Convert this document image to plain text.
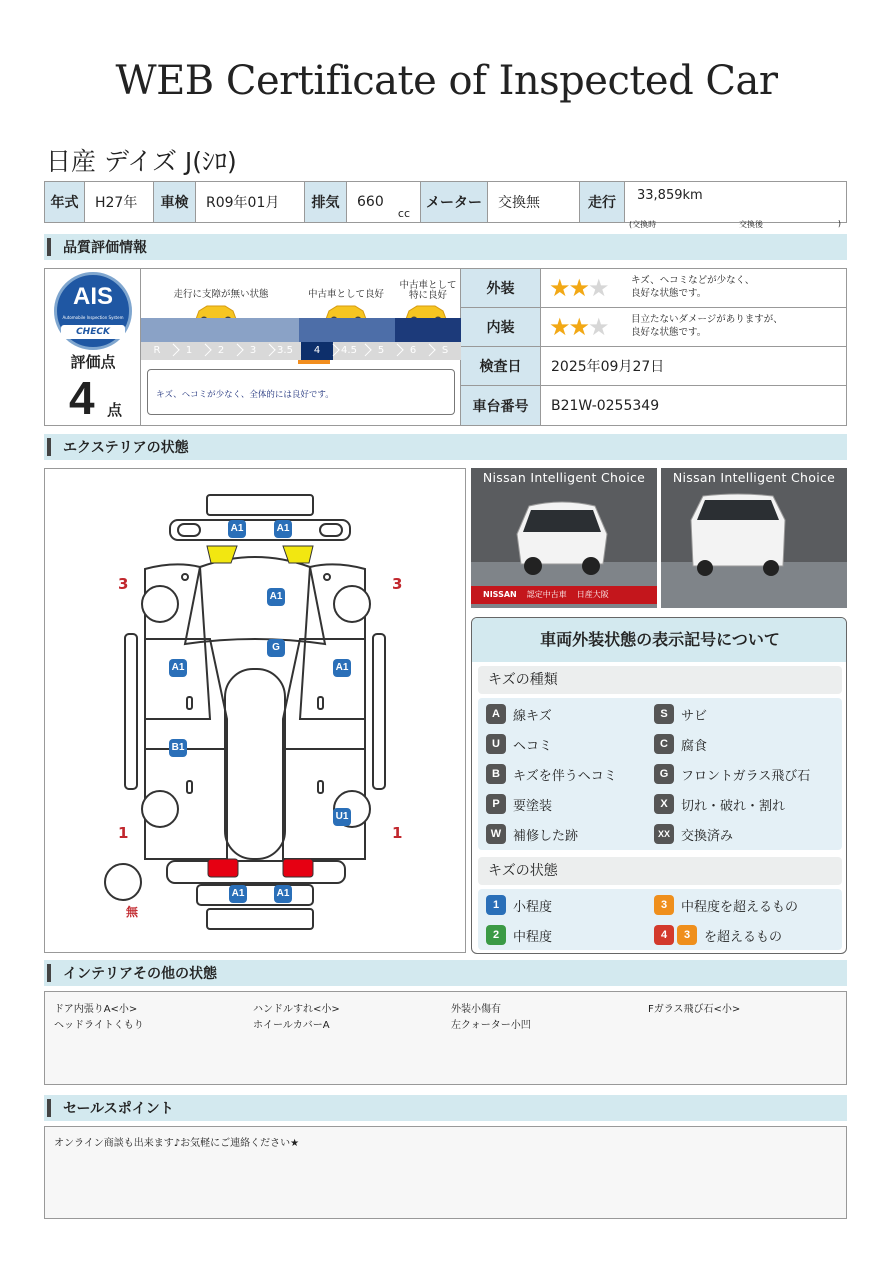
WEB Certificate of Inspected Car
日産 デイズ J(ｼﾛ)
年式	H27年	車検	R09年01月	排気	660
cc
メーター	交換無	走行	33,859km
(交換時	交換後	)
品質評価情報
AIS
Automobile Inspection System
CHECK
評価点
4 点
走行に支障が無い状態	中古車として良好
中古車として
特に良好
R	1	2	3	3.5	4	4.5	5	6	S
キズ、ヘコミが少なく、全体的には良好です。
外装	★★★ キズ、ヘコミなどが少なく、
良好な状態です。
内装	★★★ 目立たないダメージがありますが、
良好な状態です。
検査日	2025年09月27日
車台番号	B21W-0255349
エクステリアの状態
3	3
1	1
無
A1	A1
A1
G
A1	A1
B1
U1
A1	A1
Nissan Intelligent Choice
NISSAN 認定中古車 日産大阪
Nissan Intelligent Choice
車両外装状態の表示記号について
キズの種類
A	線キズ	S	サビ
U	ヘコミ	C	腐食
B	キズを伴うヘコミ	G フロントガラス飛び石
P	要塗装	X	切れ・破れ・割れ
W 補修した跡	XX 交換済み
キズの状態
1	小程度	3	中程度を超えるもの
2	中程度	4	3	を超えるもの
インテリアその他の状態
ドア内張りA<小>	ハンドルすれ<小>	外装小傷有	Fガラス飛び石<小>
ヘッドライトくもり	ホイールカバーA	左クォーター小凹
セールスポイント
オンライン商談も出来ます♪お気軽にご連絡ください★
